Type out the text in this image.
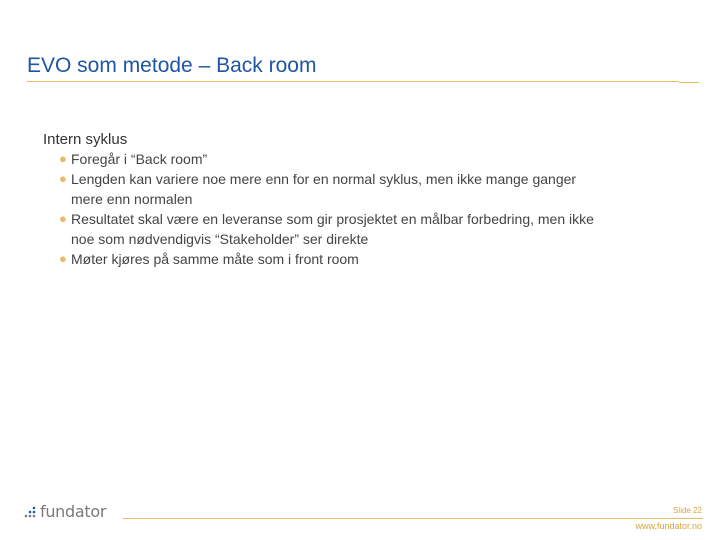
EVO som metode – Back room

Intern syklus

● Foregår i “Back room”
● Lengden kan variere noe mere enn for en normal syklus, men ikke mange ganger
mere enn normalen
● Resultatet skal være en leveranse som gir prosjektet en målbar forbedring, men ikke
noe som nødvendigvis “Stakeholder” ser direkte
● Møter kjøres på samme måte som i front room
fundator	Slide 22
www.fundator.no
